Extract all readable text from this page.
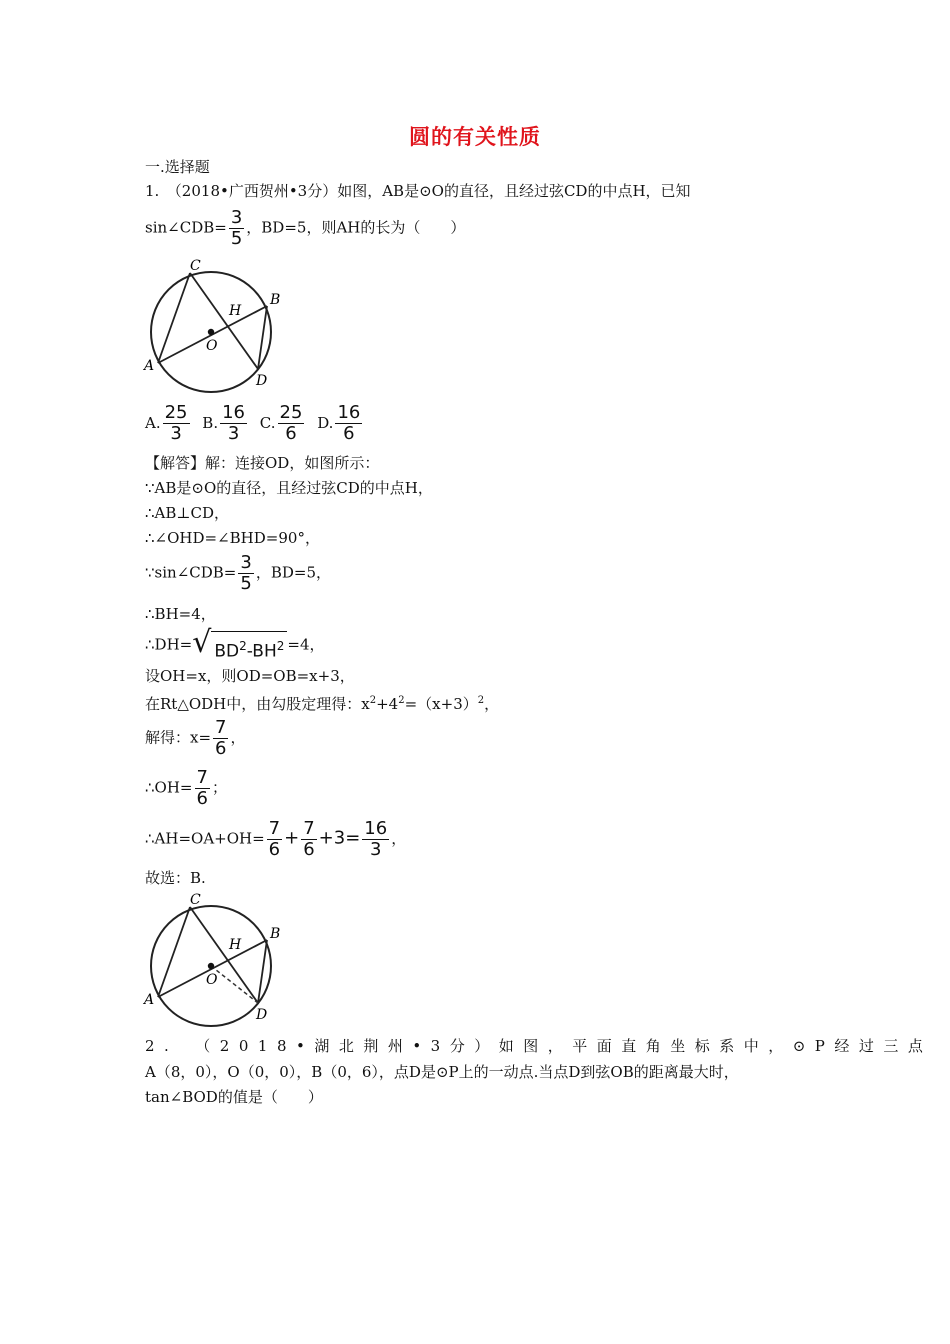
圆的有关性质
一.选择题
1.　（2018•广西贺州•3分）如图，AB是⊙O的直径，且经过弦CD的中点H，已知
sin∠CDB= $\frac{3}{5}$ ，BD=5，则AH的长为（　　）
C
H
B
O
A
D
A. $\frac{25}{3} B$. $\frac{16}{3} C$. $\frac{25}{6} D$. $\frac{16}{6}$
【解答】解：连接OD，如图所示：
∵AB是⊙O的直径，且经过弦CD的中点H，
∴AB⊥CD，
∴∠OHD=∠BHD=90°，
∵sin∠CDB= $\frac{3}{5}$ ，BD=5，
∴BH=4，
∴DH= √ $BD^2-BH^2 =4$，
设OH=x，则OD=OB=x+3，
在Rt△ODH中，由勾股定理得：$x^2+4^2=(x+3)^2$，
解得：$x= \frac{7}{6}$ ，
∴OH= $\frac{7}{6}$ ；
∴AH=OA+OH= $\frac{7}{6} + \frac{7}{6} +3= \frac{16}{3}$ ，
故选：B.
C
H
B
O
A
D
2.　（2018•湖北荆州•3分）如图，平面直角坐标系中，⊙P经过三点
A（8，0），O（0，0），B（0，6），点D是⊙P上的一动点.当点D到弦OB的距离最大时，
tan∠BOD的值是（　　）
